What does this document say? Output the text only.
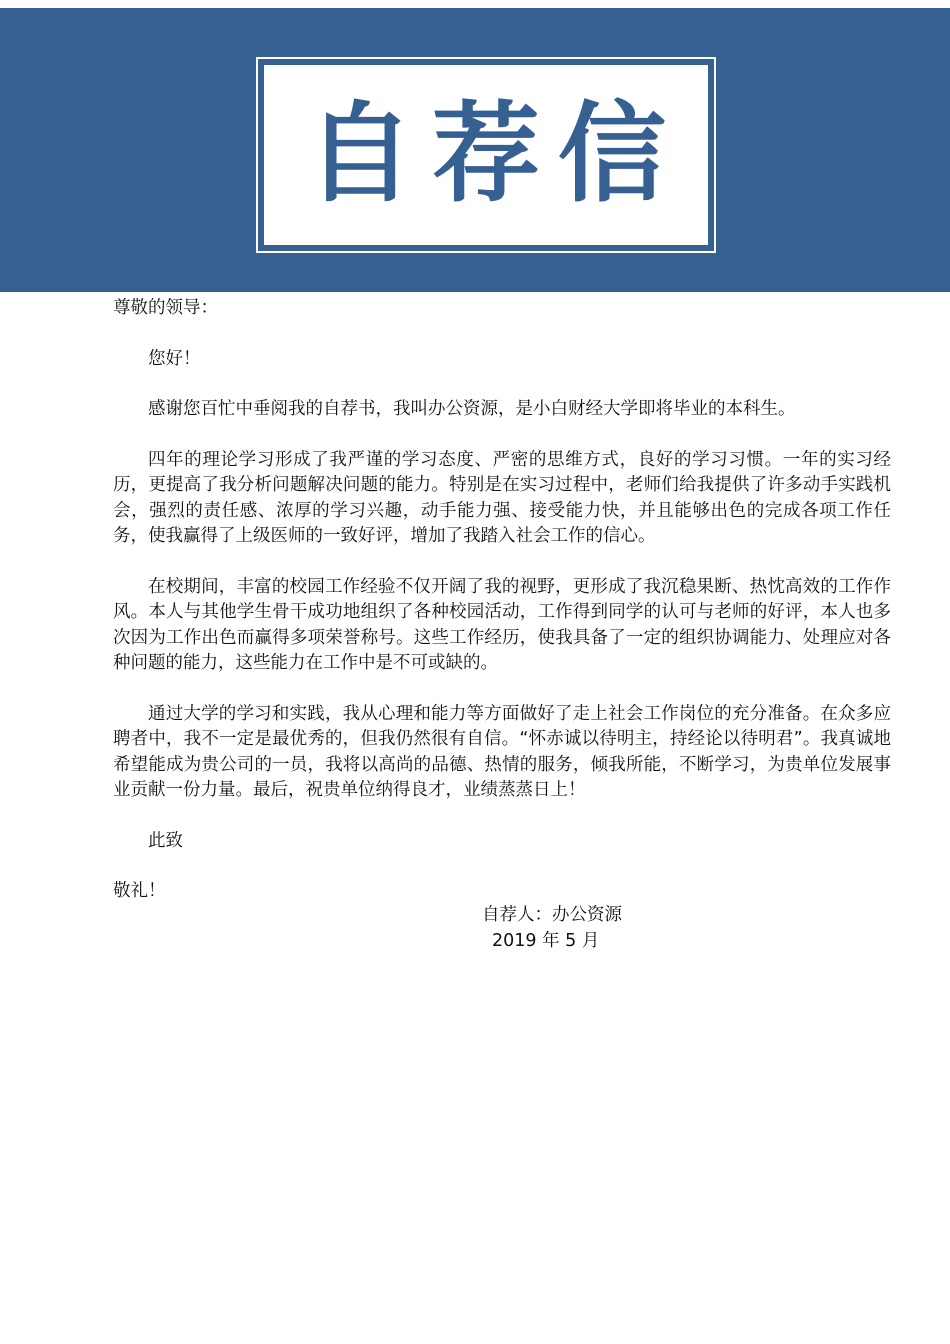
自荐信

尊敬的领导：

您好！

感谢您百忙中垂阅我的自荐书，我叫办公资源，是小白财经大学即将毕业的本科生。

四年的理论学习形成了我严谨的学习态度、严密的思维方式，良好的学习习惯。一年的实习经历，更提高了我分析问题解决问题的能力。特别是在实习过程中，老师们给我提供了许多动手实践机会，强烈的责任感、浓厚的学习兴趣，动手能力强、接受能力快，并且能够出色的完成各项工作任务，使我赢得了上级医师的一致好评，增加了我踏入社会工作的信心。

在校期间，丰富的校园工作经验不仅开阔了我的视野，更形成了我沉稳果断、热忱高效的工作作风。本人与其他学生骨干成功地组织了各种校园活动，工作得到同学的认可与老师的好评，本人也多次因为工作出色而赢得多项荣誉称号。这些工作经历，使我具备了一定的组织协调能力、处理应对各种问题的能力，这些能力在工作中是不可或缺的。

通过大学的学习和实践，我从心理和能力等方面做好了走上社会工作岗位的充分准备。在众多应聘者中，我不一定是最优秀的，但我仍然很有自信。“怀赤诚以待明主，持经论以待明君”。我真诚地希望能成为贵公司的一员，我将以高尚的品德、热情的服务，倾我所能，不断学习，为贵单位发展事业贡献一份力量。最后，祝贵单位纳得良才，业绩蒸蒸日上！

此致

敬礼！

自荐人：办公资源
2019 年 5 月
